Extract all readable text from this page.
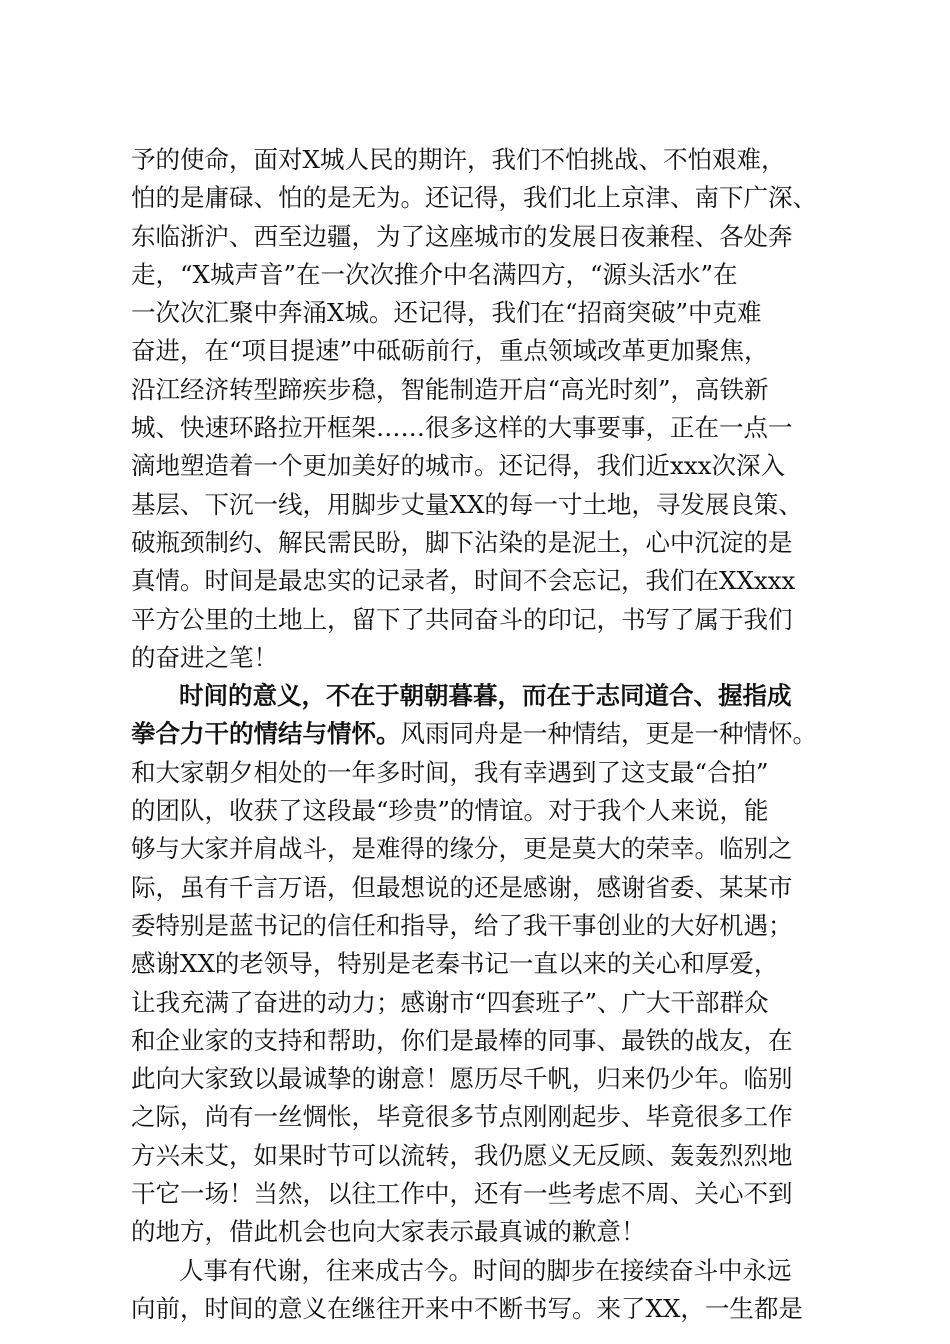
予的使命，面对X城人民的期许，我们不怕挑战、不怕艰难，
怕的是庸碌、怕的是无为。还记得，我们北上京津、南下广深、
东临浙沪、西至边疆，为了这座城市的发展日夜兼程、各处奔
走，“X城声音”在一次次推介中名满四方，“源头活水”在
一次次汇聚中奔涌X城。还记得，我们在“招商突破”中克难
奋进，在“项目提速”中砥砺前行，重点领域改革更加聚焦，
沿江经济转型蹄疾步稳，智能制造开启“高光时刻”，高铁新
城、快速环路拉开框架……很多这样的大事要事，正在一点一
滴地塑造着一个更加美好的城市。还记得，我们近xxx次深入
基层、下沉一线，用脚步丈量XX的每一寸土地，寻发展良策、
破瓶颈制约、解民需民盼，脚下沾染的是泥土，心中沉淀的是
真情。时间是最忠实的记录者，时间不会忘记，我们在XXxxx
平方公里的土地上，留下了共同奋斗的印记，书写了属于我们
的奋进之笔！
时间的意义，不在于朝朝暮暮，而在于志同道合、握指成
拳合力干的情结与情怀。风雨同舟是一种情结，更是一种情怀。
和大家朝夕相处的一年多时间，我有幸遇到了这支最“合拍”
的团队，收获了这段最“珍贵”的情谊。对于我个人来说，能
够与大家并肩战斗，是难得的缘分，更是莫大的荣幸。临别之
际，虽有千言万语，但最想说的还是感谢，感谢省委、某某市
委特别是蓝书记的信任和指导，给了我干事创业的大好机遇；
感谢XX的老领导，特别是老秦书记一直以来的关心和厚爱，
让我充满了奋进的动力；感谢市“四套班子”、广大干部群众
和企业家的支持和帮助，你们是最棒的同事、最铁的战友，在
此向大家致以最诚挚的谢意！愿历尽千帆，归来仍少年。临别
之际，尚有一丝惆怅，毕竟很多节点刚刚起步、毕竟很多工作
方兴未艾，如果时节可以流转，我仍愿义无反顾、轰轰烈烈地
干它一场！当然，以往工作中，还有一些考虑不周、关心不到
的地方，借此机会也向大家表示最真诚的歉意！
人事有代谢，往来成古今。时间的脚步在接续奋斗中永远
向前，时间的意义在继往开来中不断书写。来了XX，一生都是
